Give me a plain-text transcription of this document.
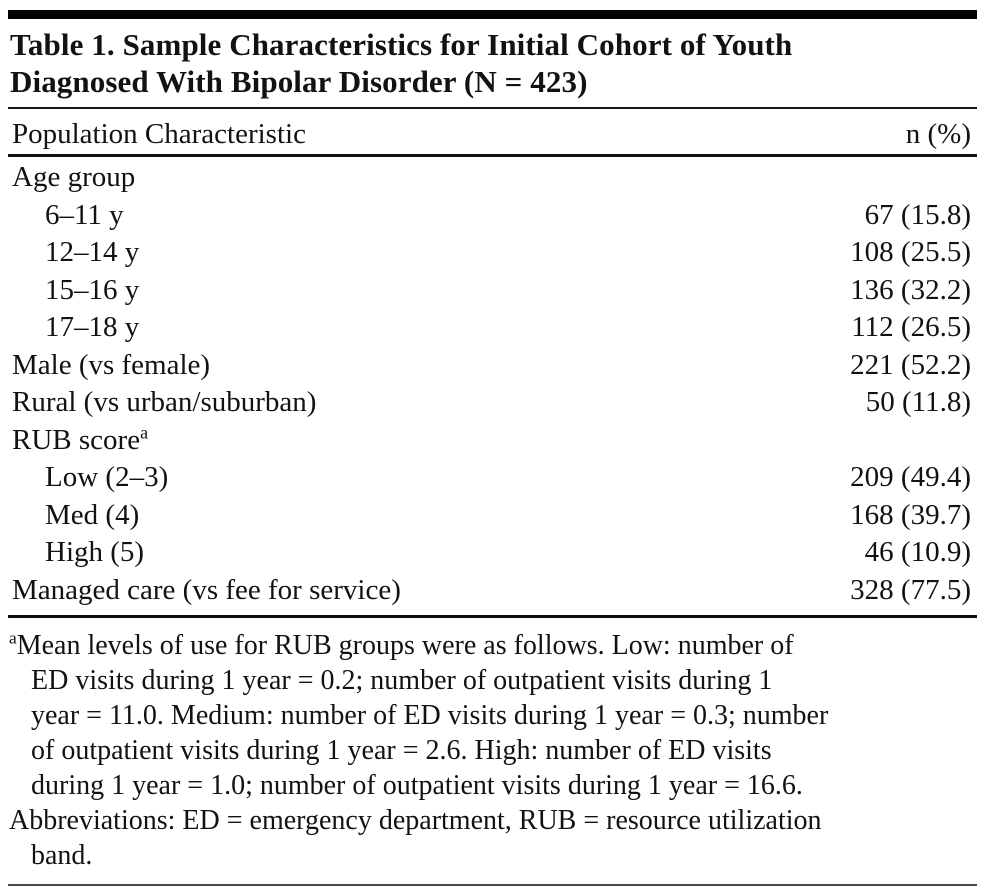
Table 1. Sample Characteristics for Initial Cohort of Youth
Diagnosed With Bipolar Disorder (N = 423)
Population Characteristic	n (%)
Age group
6–11 y	67 (15.8)
12–14 y	108 (25.5)
15–16 y	136 (32.2)
17–18 y	112 (26.5)
Male (vs female)	221 (52.2)
Rural (vs urban/suburban)	50 (11.8)
RUB score$^a$
Low (2–3)	209 (49.4)
Med (4)	168 (39.7)
High (5)	46 (10.9)
Managed care (vs fee for service)	328 (77.5)
$^a$Mean levels of use for RUB groups were as follows. Low: number of
ED visits during 1 year = 0.2; number of outpatient visits during 1
year = 11.0. Medium: number of ED visits during 1 year = 0.3; number
of outpatient visits during 1 year = 2.6. High: number of ED visits
during 1 year = 1.0; number of outpatient visits during 1 year = 16.6.
Abbreviations: ED = emergency department, RUB = resource utilization
band.
